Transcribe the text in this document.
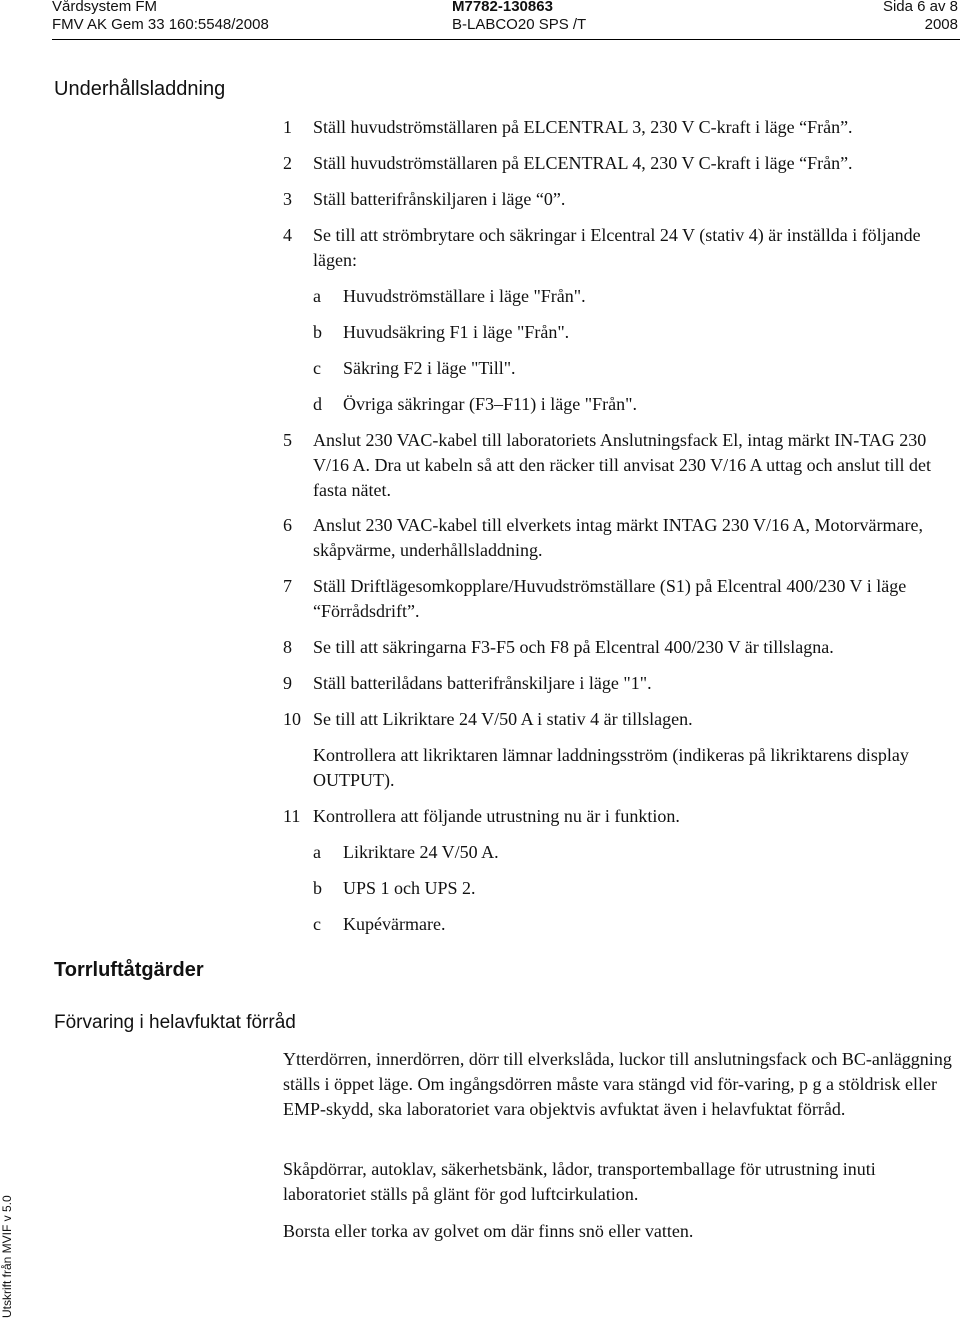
Vårdsystem FM
FMV AK Gem 33 160:5548/2008
M7782-130863
B-LABCO20 SPS /T
Sida 6 av 8
2008
Underhållsladdning
Torrluftåtgärder
Förvaring i helavfuktat förråd
1 Ställ huvudströmställaren på ELCENTRAL 3, 230 V C-kraft i läge “Från”.
2 Ställ huvudströmställaren på ELCENTRAL 4, 230 V C-kraft i läge “Från”.
3 Ställ batterifrånskiljaren i läge “0”.
4 Se till att strömbrytare och säkringar i Elcentral 24 V (stativ 4) är inställda i följande lägen:
a Huvudströmställare i läge "Från".
b Huvudsäkring F1 i läge "Från".
c Säkring F2 i läge "Till".
d Övriga säkringar (F3–F11) i läge "Från".
5 Anslut 230 VAC-kabel till laboratoriets Anslutningsfack El, intag märkt IN-TAG 230 V/16 A. Dra ut kabeln så att den räcker till anvisat 230 V/16 A uttag och anslut till det fasta nätet.
6 Anslut 230 VAC-kabel till elverkets intag märkt INTAG 230 V/16 A, Motorvärmare, skåpvärme, underhållsladdning.
7 Ställ Driftlägesomkopplare/Huvudströmställare (S1) på Elcentral 400/230 V i läge “Förrådsdrift”.
8 Se till att säkringarna F3-F5 och F8 på Elcentral 400/230 V är tillslagna.
9 Ställ batterilådans batterifrånskiljare i läge "1".
10 Se till att Likriktare 24 V/50 A i stativ 4 är tillslagen.
Kontrollera att likriktaren lämnar laddningsström (indikeras på likriktarens display OUTPUT).
11 Kontrollera att följande utrustning nu är i funktion.
a Likriktare 24 V/50 A.
b UPS 1 och UPS 2.
c Kupévärmare.
Ytterdörren, innerdörren, dörr till elverkslåda, luckor till anslutningsfack och BC-anläggning ställs i öppet läge. Om ingångsdörren måste vara stängd vid för-varing, p g a stöldrisk eller EMP-skydd, ska laboratoriet vara objektvis avfuktat även i helavfuktat förråd.
Skåpdörrar, autoklav, säkerhetsbänk, lådor, transportemballage för utrustning inuti laboratoriet ställs på glänt för god luftcirkulation.
Borsta eller torka av golvet om där finns snö eller vatten.
Utskrift från MVIF v 5.0
